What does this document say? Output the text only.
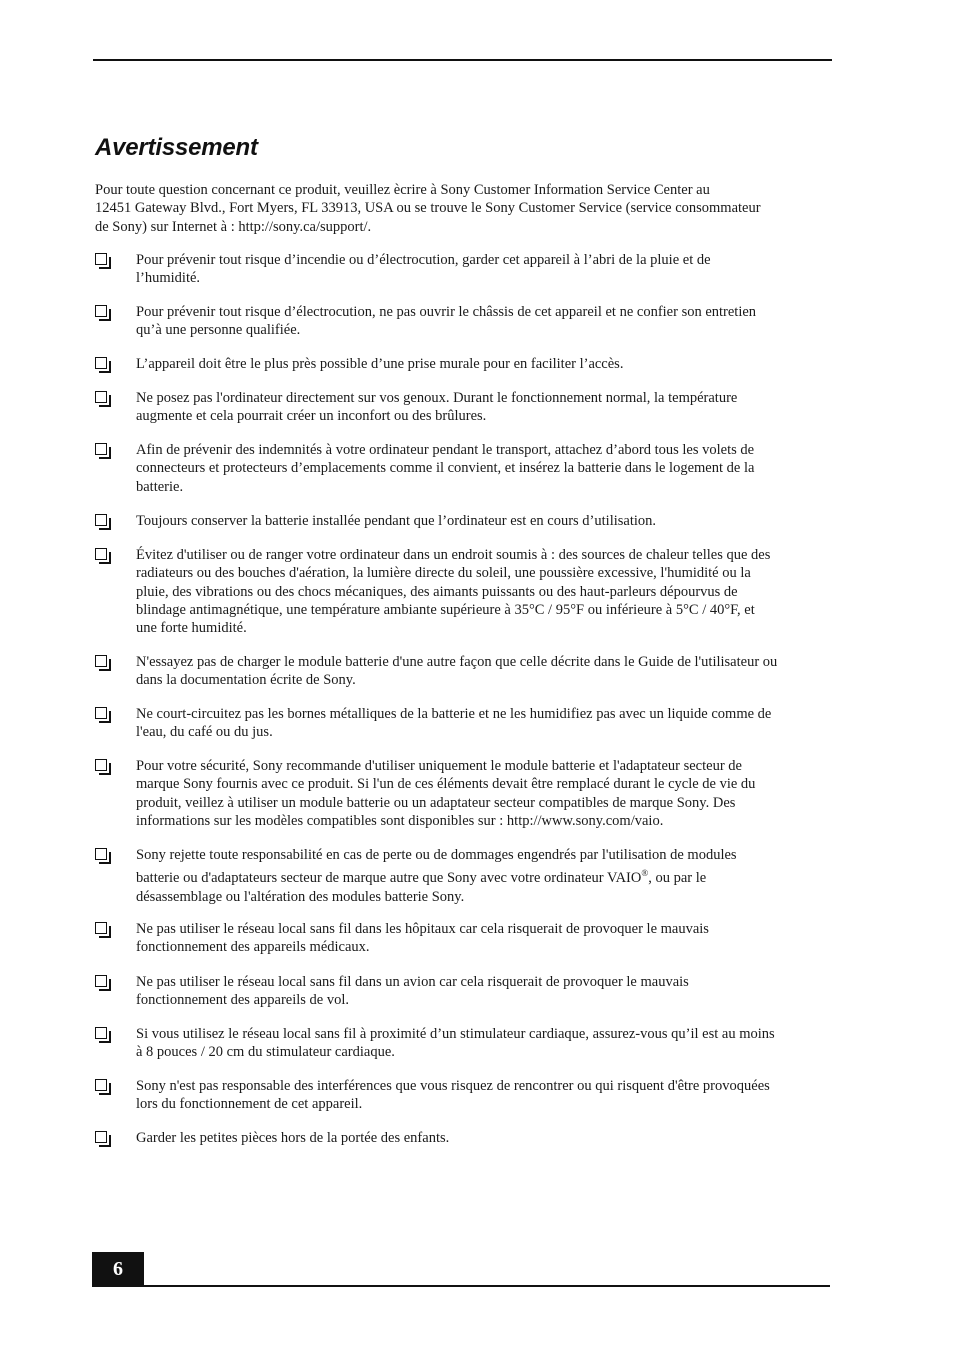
Avertissement

Pour toute question concernant ce produit, veuillez ècrire à Sony Customer Information Service Center au
12451 Gateway Blvd., Fort Myers, FL 33913, USA ou se trouve le Sony Customer Service (service consommateur
de Sony) sur Internet à : http://sony.ca/support/.

Pour prévenir tout risque d’incendie ou d’électrocution, garder cet appareil à l’abri de la pluie et de
l’humidité.
Pour prévenir tout risque d’électrocution, ne pas ouvrir le châssis de cet appareil et ne confier son entretien
qu’à une personne qualifiée.
L’appareil doit être le plus près possible d’une prise murale pour en faciliter l’accès.
Ne posez pas l'ordinateur directement sur vos genoux. Durant le fonctionnement normal, la température
augmente et cela pourrait créer un inconfort ou des brûlures.
Afin de prévenir des indemnités à votre ordinateur pendant le transport, attachez d’abord tous les volets de
connecteurs et protecteurs d’emplacements comme il convient, et insérez la batterie dans le logement de la
batterie.
Toujours conserver la batterie installée pendant que l’ordinateur est en cours d’utilisation.
Évitez d'utiliser ou de ranger votre ordinateur dans un endroit soumis à : des sources de chaleur telles que des
radiateurs ou des bouches d'aération, la lumière directe du soleil, une poussière excessive, l'humidité ou la
pluie, des vibrations ou des chocs mécaniques, des aimants puissants ou des haut-parleurs dépourvus de
blindage antimagnétique, une température ambiante supérieure à 35°C / 95°F ou inférieure à 5°C / 40°F, et
une forte humidité.
N'essayez pas de charger le module batterie d'une autre façon que celle décrite dans le Guide de l'utilisateur ou
dans la documentation écrite de Sony.
Ne court-circuitez pas les bornes métalliques de la batterie et ne les humidifiez pas avec un liquide comme de
l'eau, du café ou du jus.
Pour votre sécurité, Sony recommande d'utiliser uniquement le module batterie et l'adaptateur secteur de
marque Sony fournis avec ce produit. Si l'un de ces éléments devait être remplacé durant le cycle de vie du
produit, veillez à utiliser un module batterie ou un adaptateur secteur compatibles de marque Sony. Des
informations sur les modèles compatibles sont disponibles sur : http://www.sony.com/vaio.
Sony rejette toute responsabilité en cas de perte ou de dommages engendrés par l'utilisation de modules
batterie ou d'adaptateurs secteur de marque autre que Sony avec votre ordinateur VAIO®, ou par le
désassemblage ou l'altération des modules batterie Sony.
Ne pas utiliser le réseau local sans fil dans les hôpitaux car cela risquerait de provoquer le mauvais
fonctionnement des appareils médicaux.
Ne pas utiliser le réseau local sans fil dans un avion car cela risquerait de provoquer le mauvais
fonctionnement des appareils de vol.
Si vous utilisez le réseau local sans fil à proximité d’un stimulateur cardiaque, assurez-vous qu’il est au moins
à 8 pouces / 20 cm du stimulateur cardiaque.
Sony n'est pas responsable des interférences que vous risquez de rencontrer ou qui risquent d'être provoquées
lors du fonctionnement de cet appareil.
Garder les petites pièces hors de la portée des enfants.
6
